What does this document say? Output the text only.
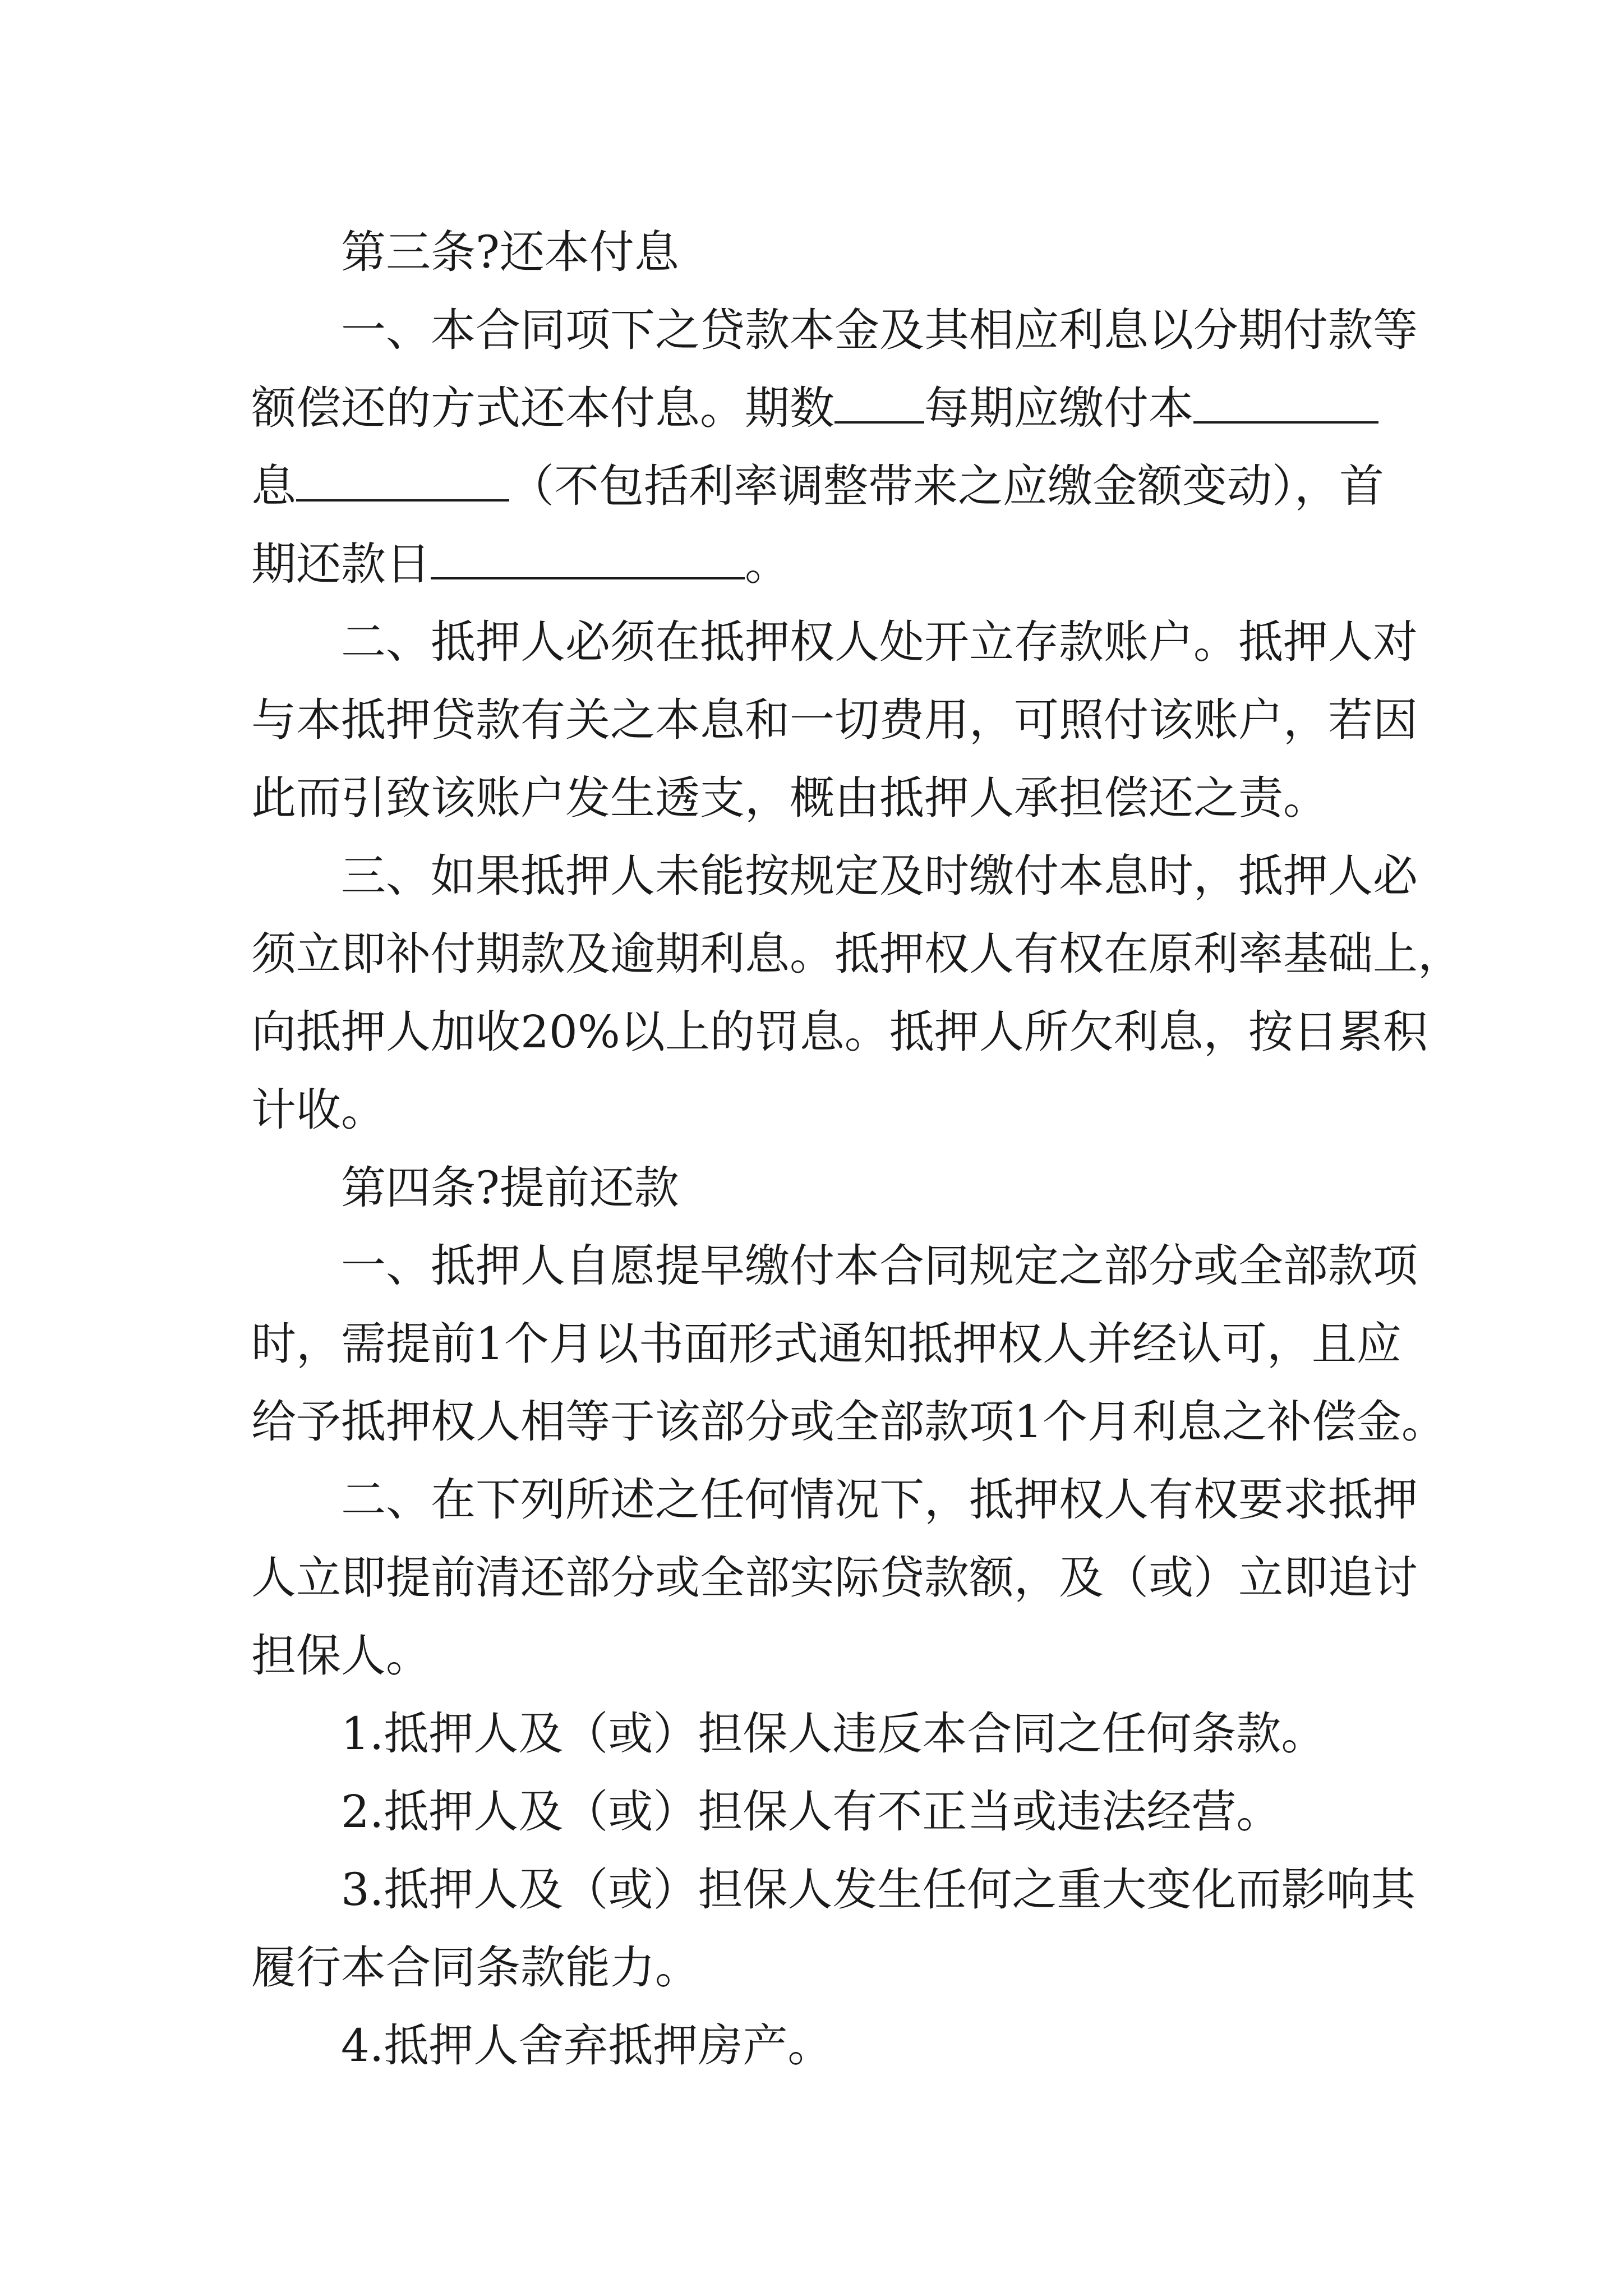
第三条?还本付息
一、本合同项下之贷款本金及其相应利息以分期付款等
额偿还的方式还本付息。期数 每期应缴付本
息	（不包括利率调整带来之应缴金额变动），首
期还款日	。
二、抵押人必须在抵押权人处开立存款账户。抵押人对
与本抵押贷款有关之本息和一切费用，可照付该账户，若因
此而引致该账户发生透支，概由抵押人承担偿还之责。
三、如果抵押人未能按规定及时缴付本息时，抵押人必
须立即补付期款及逾期利息。抵押权人有权在原利率基础上，
向抵押人加收20%以上的罚息。抵押人所欠利息，按日累积
计收。
第四条?提前还款
一、抵押人自愿提早缴付本合同规定之部分或全部款项
时，需提前1个月以书面形式通知抵押权人并经认可，且应
给予抵押权人相等于该部分或全部款项1个月利息之补偿金。
二、在下列所述之任何情况下，抵押权人有权要求抵押
人立即提前清还部分或全部实际贷款额，及（或）立即追讨
担保人。
1.抵押人及（或）担保人违反本合同之任何条款。
2.抵押人及（或）担保人有不正当或违法经营。
3.抵押人及（或）担保人发生任何之重大变化而影响其
履行本合同条款能力。
4.抵押人舍弃抵押房产。
